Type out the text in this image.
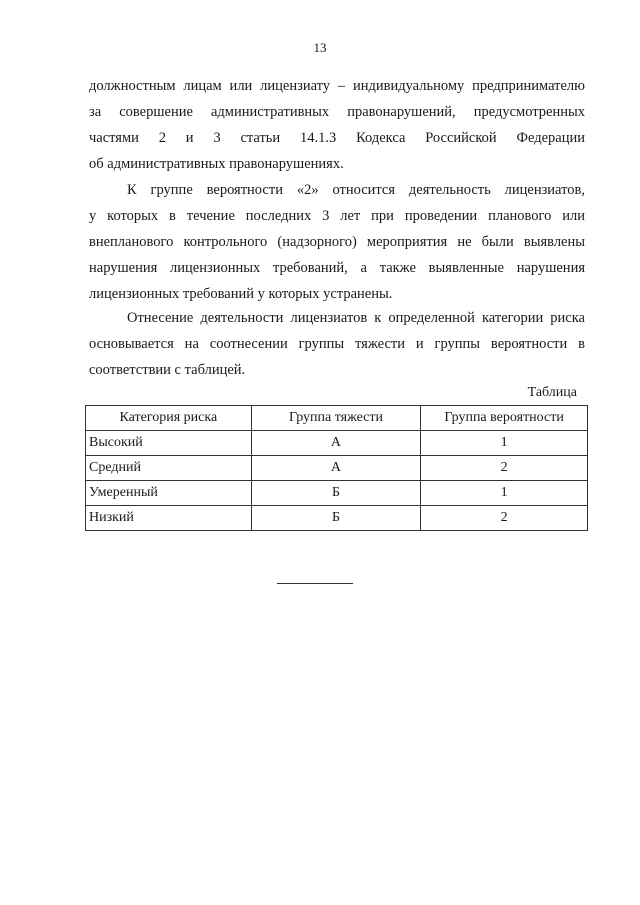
13
должностным лицам или лицензиату – индивидуальному предпринимателю
за совершение административных правонарушений, предусмотренных
частями 2 и 3 статьи 14.1.3 Кодекса Российской Федерации
об административных правонарушениях.
К группе вероятности «2» относится деятельность лицензиатов,
у которых в течение последних 3 лет при проведении планового или
внепланового контрольного (надзорного) мероприятия не были выявлены
нарушения лицензионных требований, а также выявленные нарушения
лицензионных требований у которых устранены.
Отнесение деятельности лицензиатов к определенной категории риска
основывается на соотнесении группы тяжести и группы вероятности в
соответствии с таблицей.
Таблица
Категория риска	Группа тяжести	Группа вероятности
Высокий	А	1
Средний	А	2
Умеренный	Б	1
Низкий	Б	2
